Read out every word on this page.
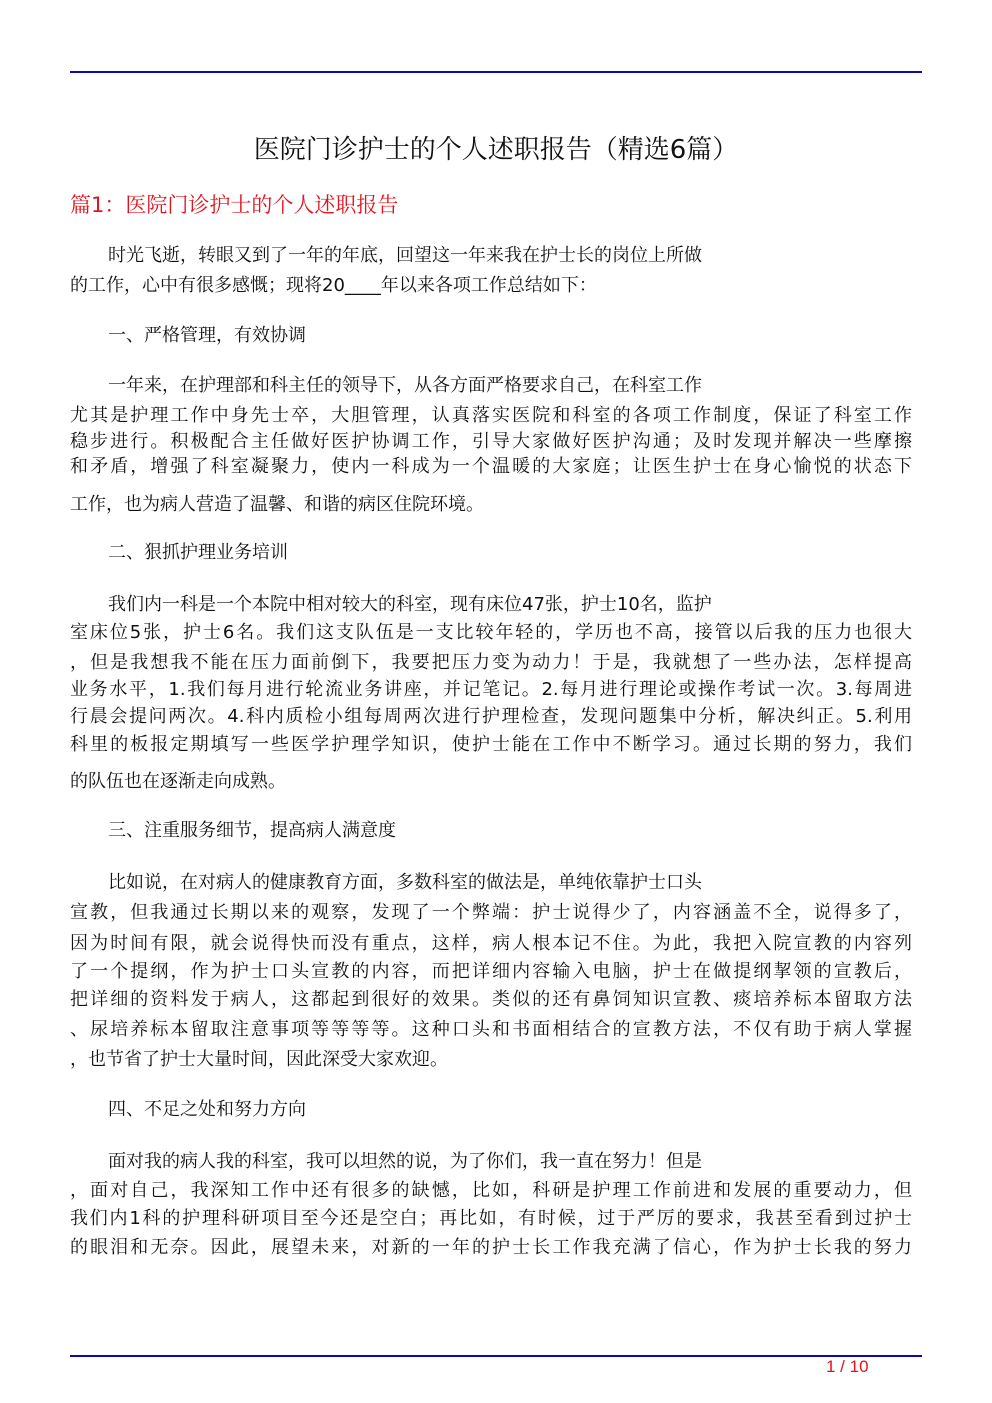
医院门诊护士的个人述职报告（精选6篇）
篇1：医院门诊护士的个人述职报告
时光飞逝，转眼又到了一年的年底，回望这一年来我在护士长的岗位上所做
的工作，心中有很多感慨；现将20____年以来各项工作总结如下：
一、严格管理，有效协调
一年来，在护理部和科主任的领导下，从各方面严格要求自己，在科室工作
尤其是护理工作中身先士卒，大胆管理，认真落实医院和科室的各项工作制度，保证了科室工作
稳步进行。积极配合主任做好医护协调工作，引导大家做好医护沟通；及时发现并解决一些摩擦
和矛盾，增强了科室凝聚力，使内一科成为一个温暖的大家庭；让医生护士在身心愉悦的状态下
工作，也为病人营造了温馨、和谐的病区住院环境。
二、狠抓护理业务培训
我们内一科是一个本院中相对较大的科室，现有床位47张，护士10名，监护
室床位5张，护士6名。我们这支队伍是一支比较年轻的，学历也不高，接管以后我的压力也很大
，但是我想我不能在压力面前倒下，我要把压力变为动力！于是，我就想了一些办法，怎样提高
业务水平，1.我们每月进行轮流业务讲座，并记笔记。2.每月进行理论或操作考试一次。3.每周进
行晨会提问两次。4.科内质检小组每周两次进行护理检查，发现问题集中分析，解决纠正。5.利用
科里的板报定期填写一些医学护理学知识，使护士能在工作中不断学习。通过长期的努力，我们
的队伍也在逐渐走向成熟。
三、注重服务细节，提高病人满意度
比如说，在对病人的健康教育方面，多数科室的做法是，单纯依靠护士口头
宣教，但我通过长期以来的观察，发现了一个弊端：护士说得少了，内容涵盖不全，说得多了，
因为时间有限，就会说得快而没有重点，这样，病人根本记不住。为此，我把入院宣教的内容列
了一个提纲，作为护士口头宣教的内容，而把详细内容输入电脑，护士在做提纲挈领的宣教后，
把详细的资料发于病人，这都起到很好的效果。类似的还有鼻饲知识宣教、痰培养标本留取方法
、尿培养标本留取注意事项等等等等。这种口头和书面相结合的宣教方法，不仅有助于病人掌握
，也节省了护士大量时间，因此深受大家欢迎。
四、不足之处和努力方向
面对我的病人我的科室，我可以坦然的说，为了你们，我一直在努力！但是
，面对自己，我深知工作中还有很多的缺憾，比如，科研是护理工作前进和发展的重要动力，但
我们内1科的护理科研项目至今还是空白；再比如，有时候，过于严厉的要求，我甚至看到过护士
的眼泪和无奈。因此，展望未来，对新的一年的护士长工作我充满了信心，作为护士长我的努力
1 / 10
